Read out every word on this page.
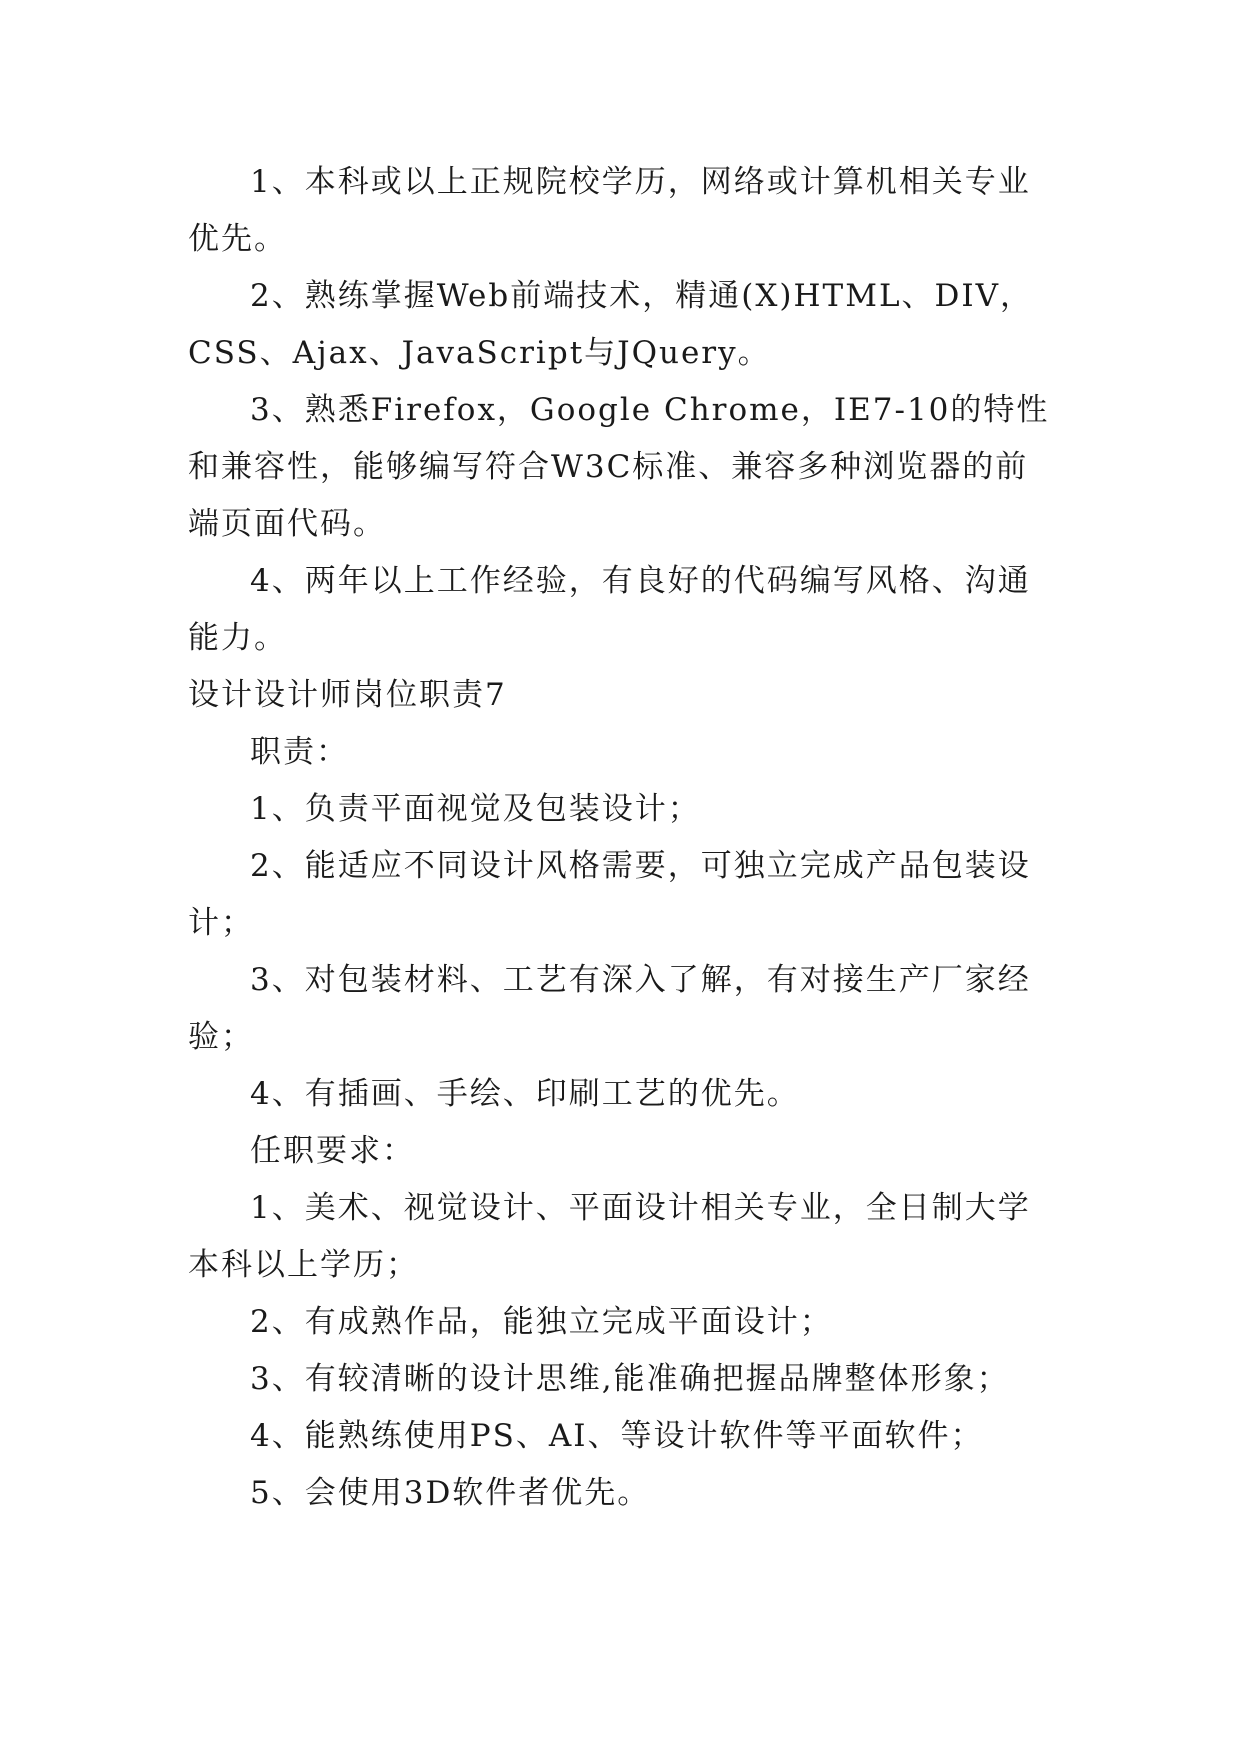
1、本科或以上正规院校学历，网络或计算机相关专业优先。

2、熟练掌握Web前端技术，精通(X)HTML、DIV，CSS、Ajax、JavaScript与JQuery。

3、熟悉Firefox，Google Chrome，IE7-10的特性和兼容性，能够编写符合W3C标准、兼容多种浏览器的前端页面代码。

4、两年以上工作经验，有良好的代码编写风格、沟通能力。

设计设计师岗位职责7

职责：

1、负责平面视觉及包装设计；

2、能适应不同设计风格需要，可独立完成产品包装设计；

3、对包装材料、工艺有深入了解，有对接生产厂家经验；

4、有插画、手绘、印刷工艺的优先。

任职要求：

1、美术、视觉设计、平面设计相关专业，全日制大学本科以上学历；

2、有成熟作品，能独立完成平面设计；

3、有较清晰的设计思维,能准确把握品牌整体形象；

4、能熟练使用PS、AI、等设计软件等平面软件；

5、会使用3D软件者优先。
